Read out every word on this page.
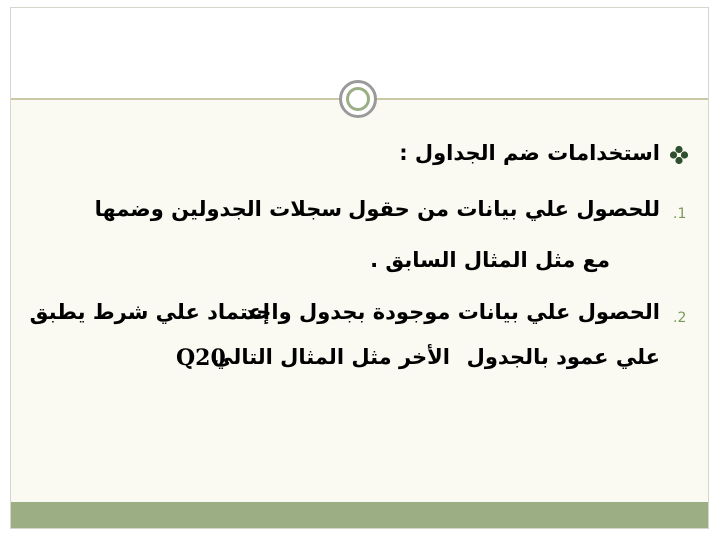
استخدامات ضم الجداول :
.1
للحصول علي بيانات من حقول
سجلات الجدولين وضمها
مع مثل المثال السابق .
.2
الحصول علي بيانات موجودة بجدول واحد
إعتماد علي شرط يطبق
علي عمود بالجدول
الأخر مثل المثال التالي
Q20
